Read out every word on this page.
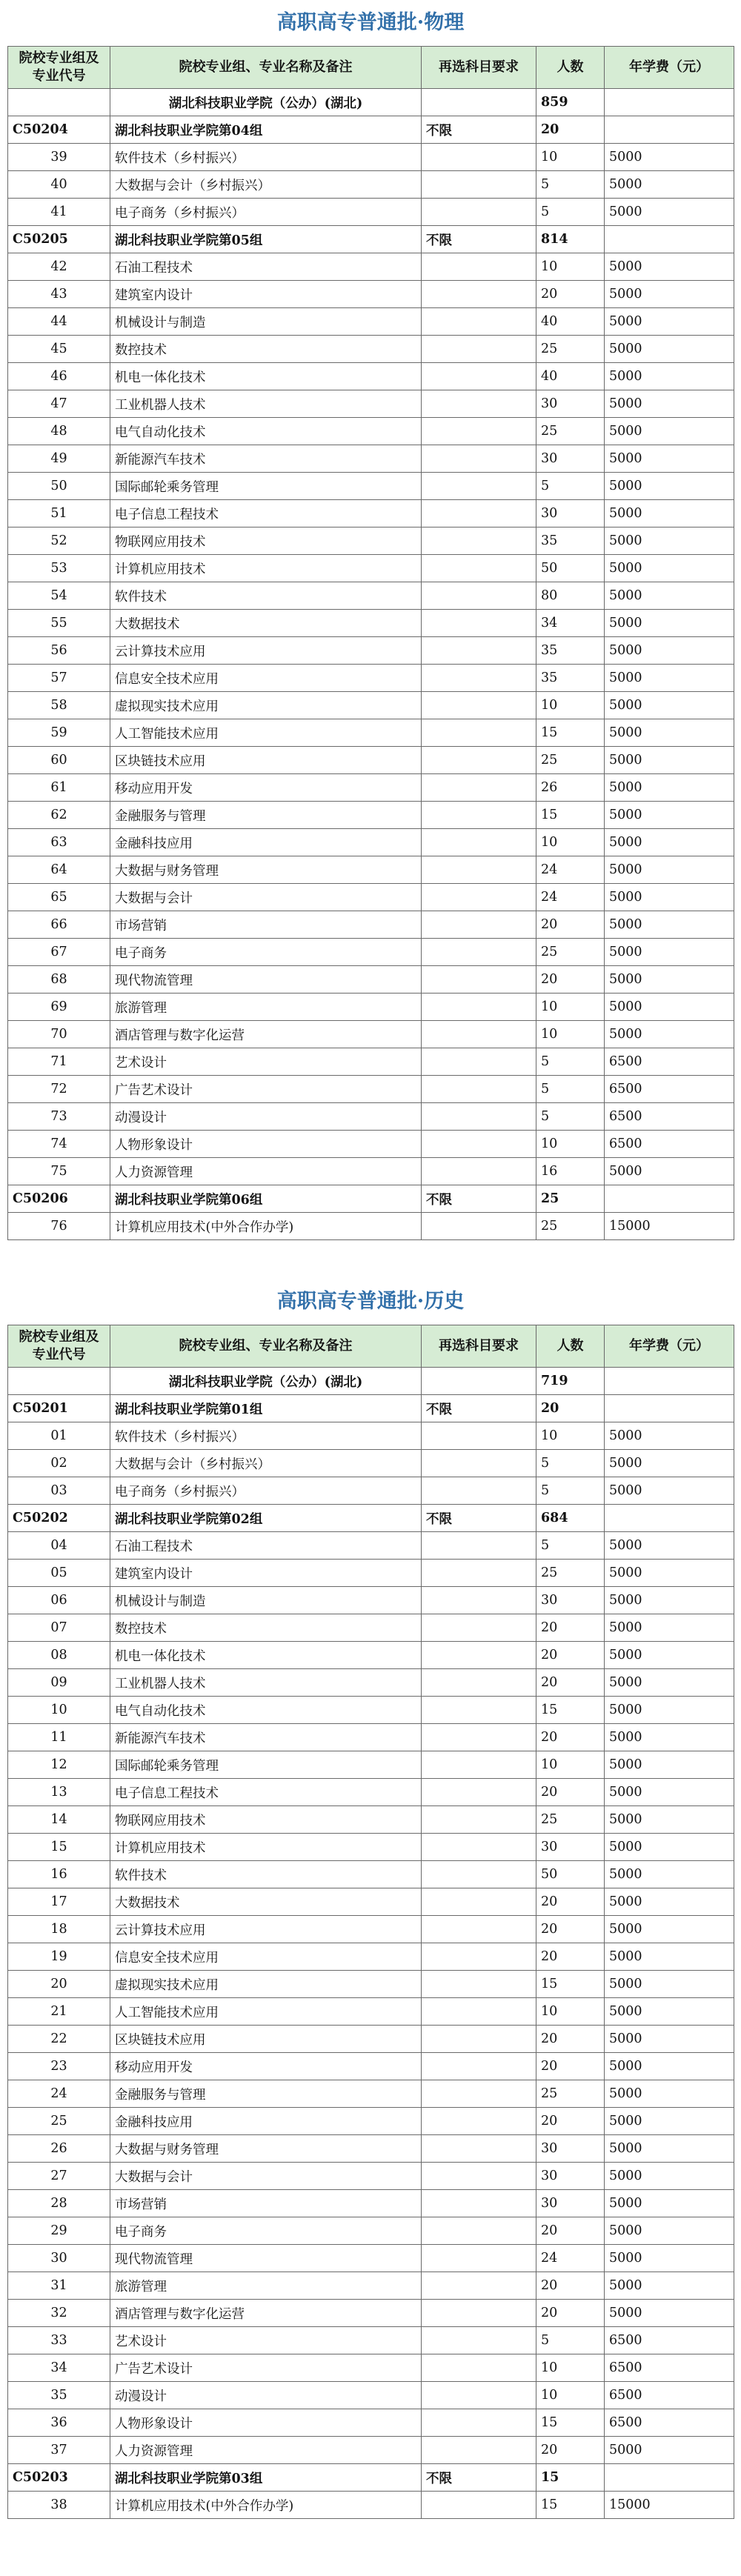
高职高专普通批·物理
院校专业组及专业代号	院校专业组、专业名称及备注	再选科目要求	人数	年学费（元）
	湖北科技职业学院（公办）(湖北)		859	
C50204	湖北科技职业学院第04组	不限	20	
39	软件技术（乡村振兴）		10	5000
40	大数据与会计（乡村振兴）		5	5000
41	电子商务（乡村振兴）		5	5000
C50205	湖北科技职业学院第05组	不限	814	
42	石油工程技术		10	5000
43	建筑室内设计		20	5000
44	机械设计与制造		40	5000
45	数控技术		25	5000
46	机电一体化技术		40	5000
47	工业机器人技术		30	5000
48	电气自动化技术		25	5000
49	新能源汽车技术		30	5000
50	国际邮轮乘务管理		5	5000
51	电子信息工程技术		30	5000
52	物联网应用技术		35	5000
53	计算机应用技术		50	5000
54	软件技术		80	5000
55	大数据技术		34	5000
56	云计算技术应用		35	5000
57	信息安全技术应用		35	5000
58	虚拟现实技术应用		10	5000
59	人工智能技术应用		15	5000
60	区块链技术应用		25	5000
61	移动应用开发		26	5000
62	金融服务与管理		15	5000
63	金融科技应用		10	5000
64	大数据与财务管理		24	5000
65	大数据与会计		24	5000
66	市场营销		20	5000
67	电子商务		25	5000
68	现代物流管理		20	5000
69	旅游管理		10	5000
70	酒店管理与数字化运营		10	5000
71	艺术设计		5	6500
72	广告艺术设计		5	6500
73	动漫设计		5	6500
74	人物形象设计		10	6500
75	人力资源管理		16	5000
C50206	湖北科技职业学院第06组	不限	25	
76	计算机应用技术(中外合作办学)		25	15000
高职高专普通批·历史
院校专业组及专业代号	院校专业组、专业名称及备注	再选科目要求	人数	年学费（元）
	湖北科技职业学院（公办）(湖北)		719	
C50201	湖北科技职业学院第01组	不限	20	
01	软件技术（乡村振兴）		10	5000
02	大数据与会计（乡村振兴）		5	5000
03	电子商务（乡村振兴）		5	5000
C50202	湖北科技职业学院第02组	不限	684	
04	石油工程技术		5	5000
05	建筑室内设计		25	5000
06	机械设计与制造		30	5000
07	数控技术		20	5000
08	机电一体化技术		20	5000
09	工业机器人技术		20	5000
10	电气自动化技术		15	5000
11	新能源汽车技术		20	5000
12	国际邮轮乘务管理		10	5000
13	电子信息工程技术		20	5000
14	物联网应用技术		25	5000
15	计算机应用技术		30	5000
16	软件技术		50	5000
17	大数据技术		20	5000
18	云计算技术应用		20	5000
19	信息安全技术应用		20	5000
20	虚拟现实技术应用		15	5000
21	人工智能技术应用		10	5000
22	区块链技术应用		20	5000
23	移动应用开发		20	5000
24	金融服务与管理		25	5000
25	金融科技应用		20	5000
26	大数据与财务管理		30	5000
27	大数据与会计		30	5000
28	市场营销		30	5000
29	电子商务		20	5000
30	现代物流管理		24	5000
31	旅游管理		20	5000
32	酒店管理与数字化运营		20	5000
33	艺术设计		5	6500
34	广告艺术设计		10	6500
35	动漫设计		10	6500
36	人物形象设计		15	6500
37	人力资源管理		20	5000
C50203	湖北科技职业学院第03组	不限	15	
38	计算机应用技术(中外合作办学)		15	15000
